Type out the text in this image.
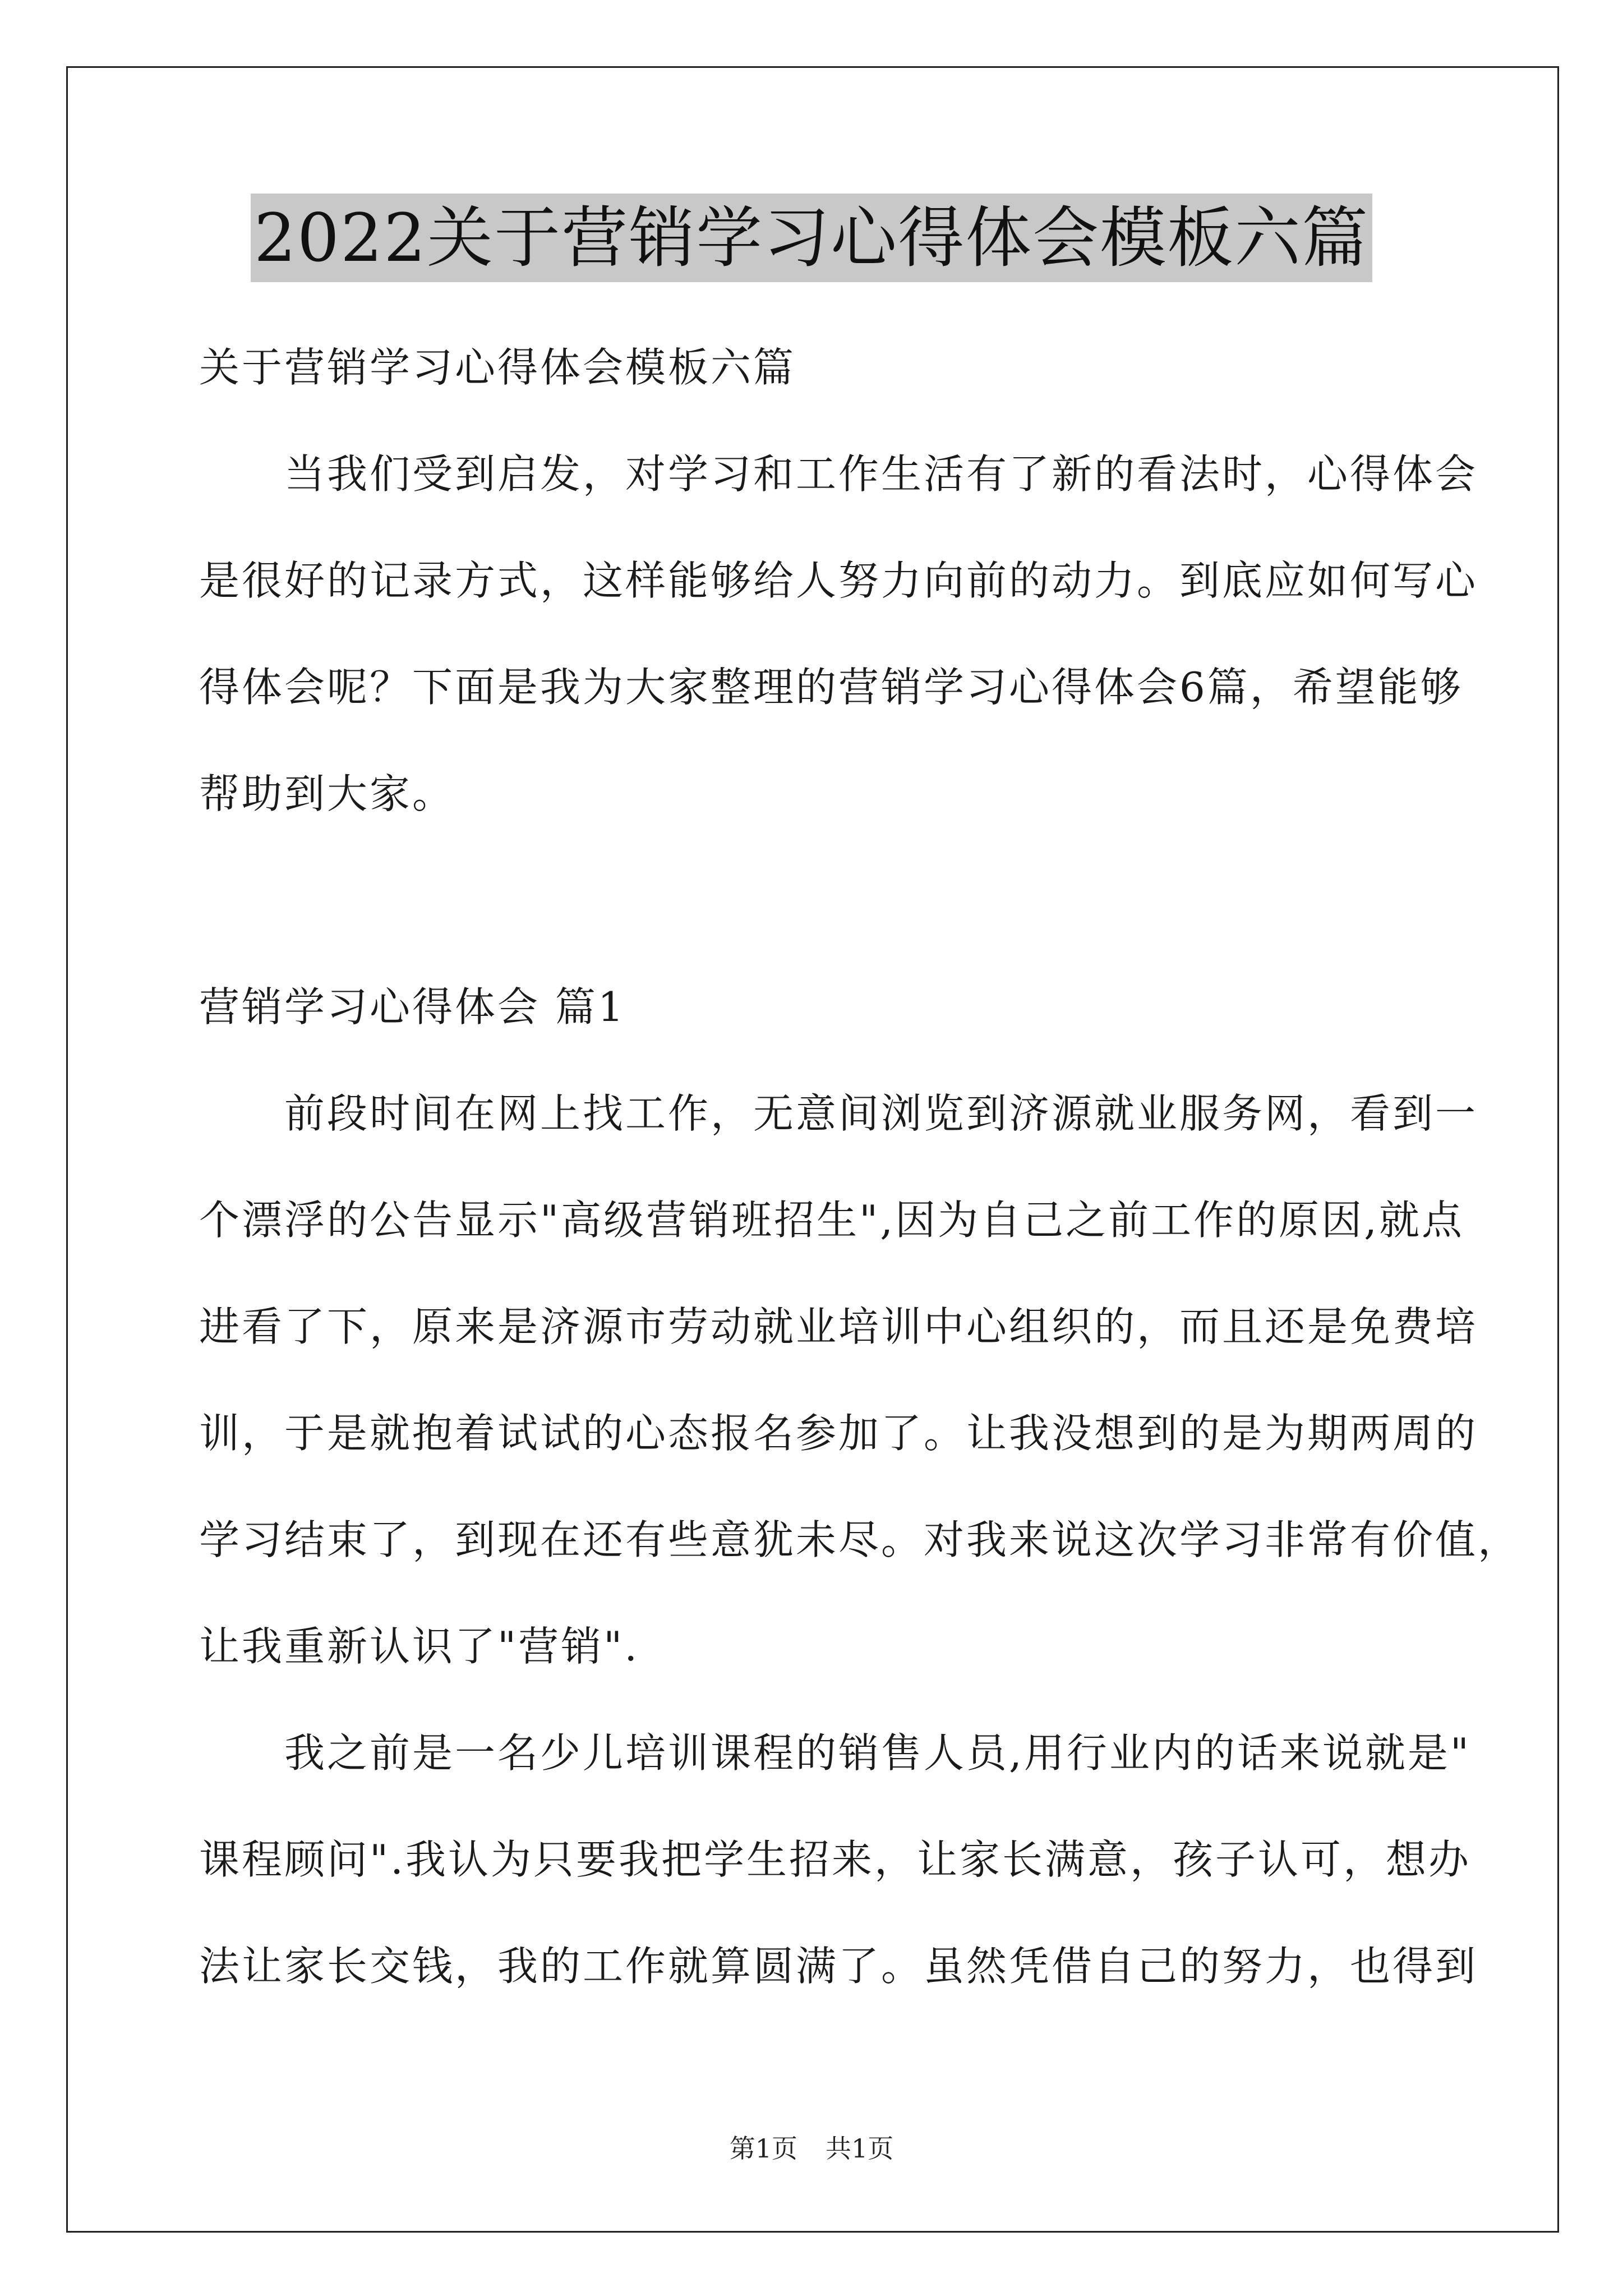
2022关于营销学习心得体会模板六篇
关于营销学习心得体会模板六篇
　　当我们受到启发，对学习和工作生活有了新的看法时，心得体会
是很好的记录方式，这样能够给人努力向前的动力。到底应如何写心
得体会呢？下面是我为大家整理的营销学习心得体会6篇，希望能够
帮助到大家。
营销学习心得体会 篇1
　　前段时间在网上找工作，无意间浏览到济源就业服务网，看到一
个漂浮的公告显示"高级营销班招生",因为自己之前工作的原因,就点
进看了下，原来是济源市劳动就业培训中心组织的，而且还是免费培
训，于是就抱着试试的心态报名参加了。让我没想到的是为期两周的
学习结束了，到现在还有些意犹未尽。对我来说这次学习非常有价值，
让我重新认识了"营销".
　　我之前是一名少儿培训课程的销售人员,用行业内的话来说就是"
课程顾问".我认为只要我把学生招来，让家长满意，孩子认可，想办
法让家长交钱，我的工作就算圆满了。虽然凭借自己的努力，也得到
第1页 共1页
